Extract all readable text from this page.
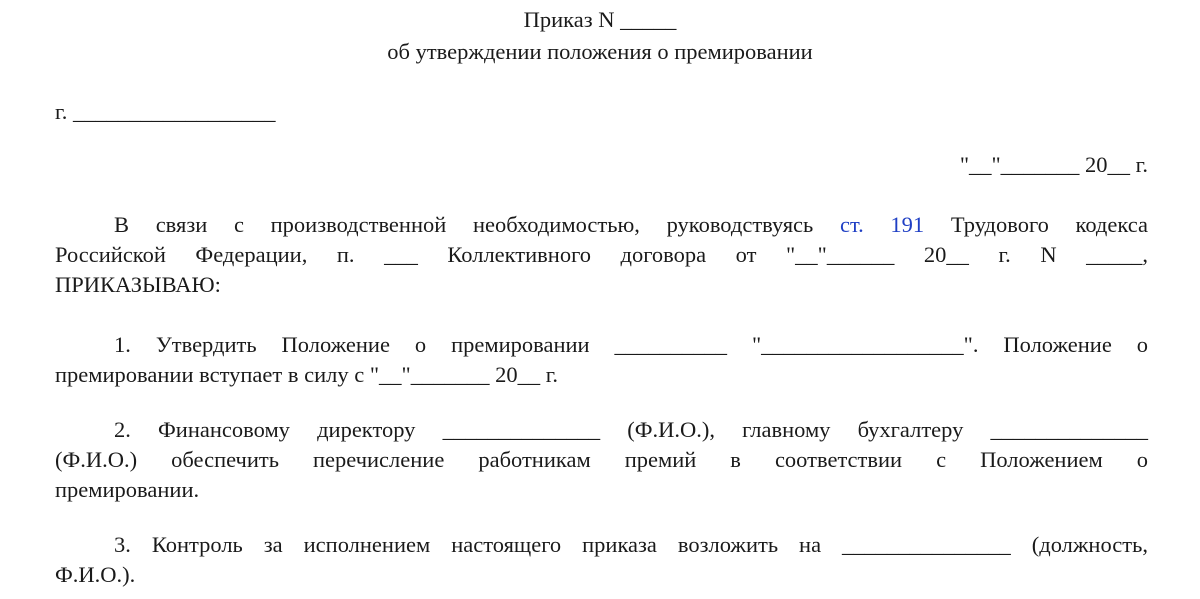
Приказ N _____

об утверждении положения о премировании

г. __________________

"__"_______ 20__ г.

В связи с производственной необходимостью, руководствуясь ст. 191 Трудового кодекса

Российской Федерации, п. ___ Коллективного договора от "__"______ 20__ г. N _____,

ПРИКАЗЫВАЮ:

1. Утвердить Положение о премировании __________ "__________________". Положение о

премировании вступает в силу с "__"_______ 20__ г.

2. Финансовому директору ______________ (Ф.И.О.), главному бухгалтеру ______________

(Ф.И.О.) обеспечить перечисление работникам премий в соответствии с Положением о

премировании.

3. Контроль за исполнением настоящего приказа возложить на _______________ (должность,

Ф.И.О.).
